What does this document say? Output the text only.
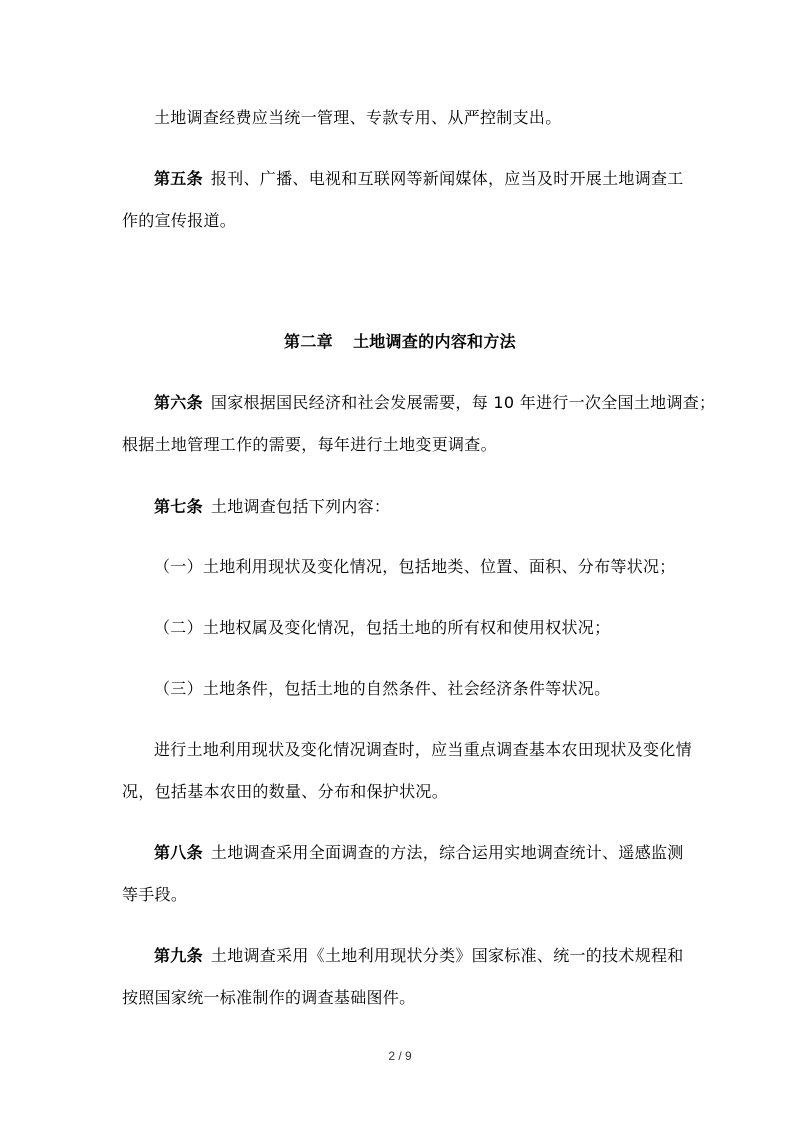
土地调查经费应当统一管理、专款专用、从严控制支出。
第五条 报刊、广播、电视和互联网等新闻媒体，应当及时开展土地调查工
作的宣传报道。
第二章 土地调查的内容和方法
第六条 国家根据国民经济和社会发展需要，每 10 年进行一次全国土地调查；
根据土地管理工作的需要，每年进行土地变更调查。
第七条 土地调查包括下列内容：
（一）土地利用现状及变化情况，包括地类、位置、面积、分布等状况；
（二）土地权属及变化情况，包括土地的所有权和使用权状况；
（三）土地条件，包括土地的自然条件、社会经济条件等状况。
进行土地利用现状及变化情况调查时，应当重点调查基本农田现状及变化情
况，包括基本农田的数量、分布和保护状况。
第八条 土地调查采用全面调查的方法，综合运用实地调查统计、遥感监测
等手段。
第九条 土地调查采用《土地利用现状分类》国家标准、统一的技术规程和
按照国家统一标准制作的调查基础图件。
2 / 9
